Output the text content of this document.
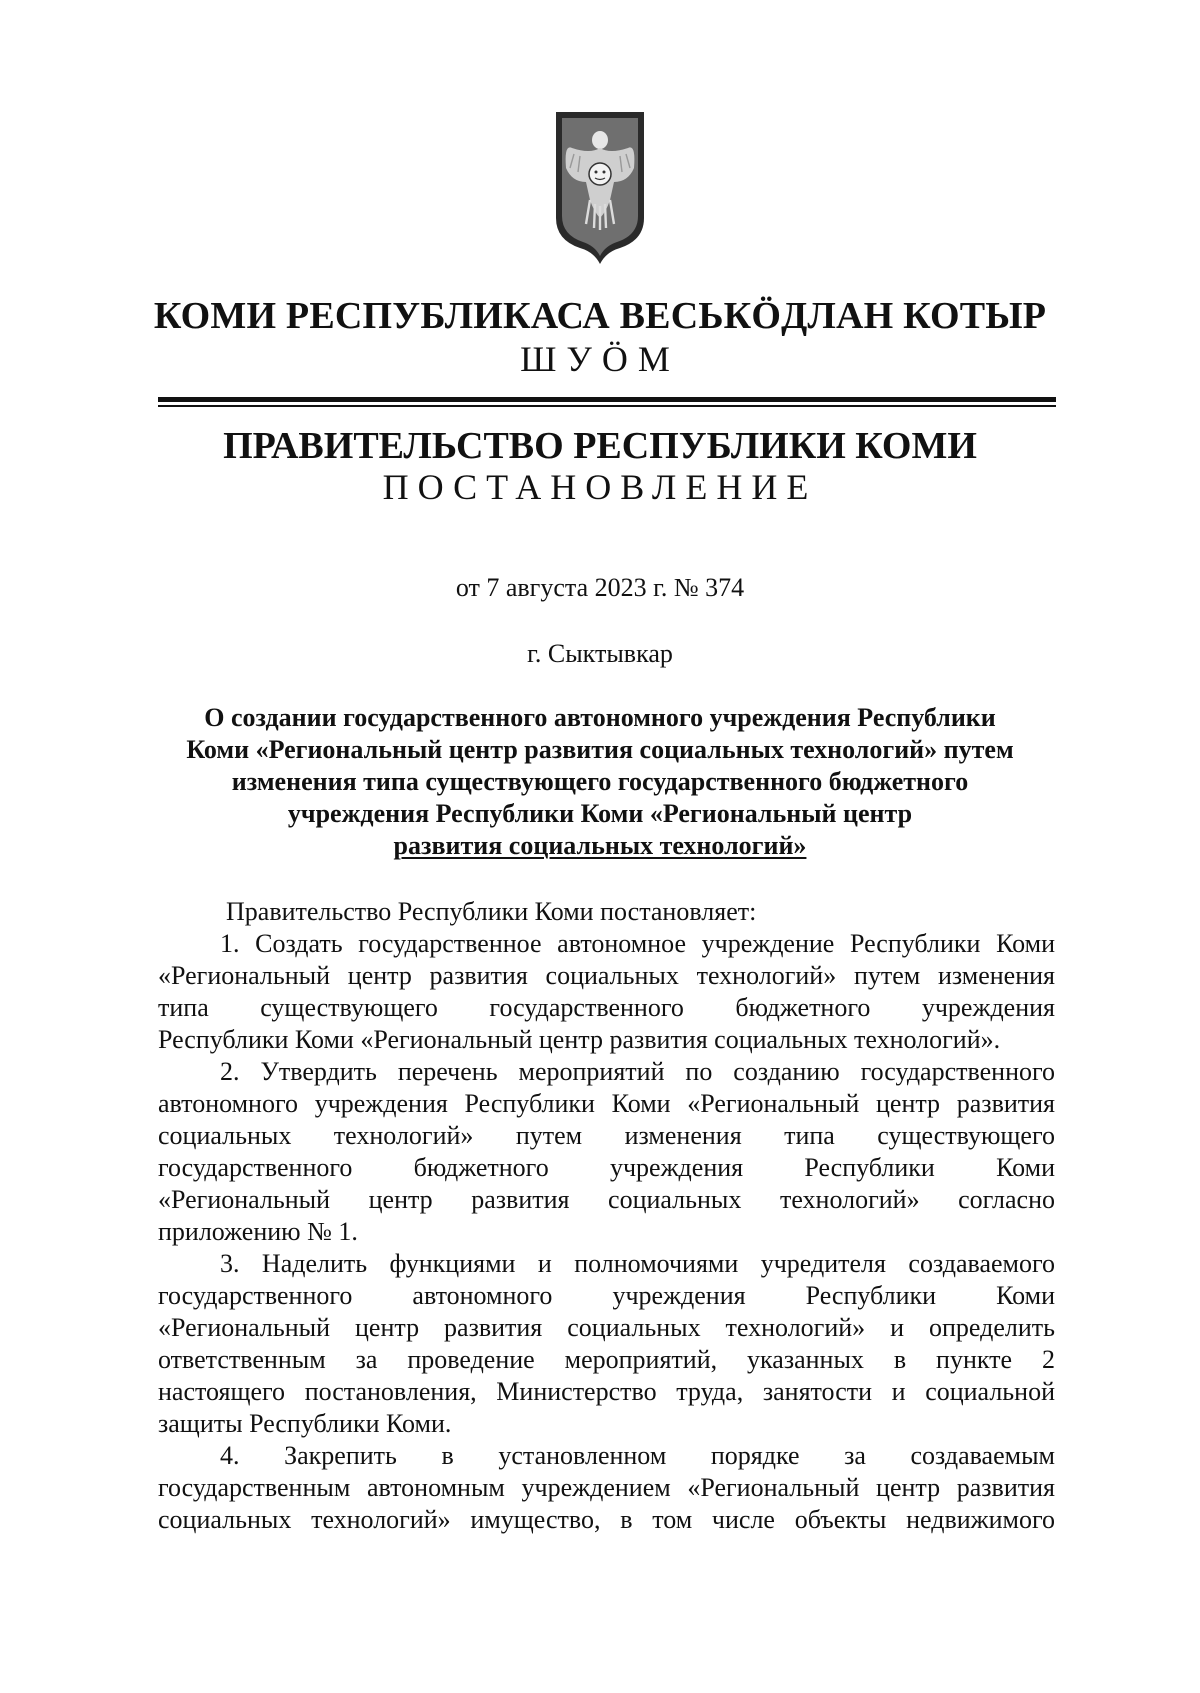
КОМИ РЕСПУБЛИКАСА ВЕСЬКӦДЛАН КОТЫР
ШУӦМ
ПРАВИТЕЛЬСТВО РЕСПУБЛИКИ КОМИ
ПОСТАНОВЛЕНИЕ
от 7 августа 2023 г. № 374
г. Сыктывкар
О создании государственного автономного учреждения Республики
Коми «Региональный центр развития социальных технологий» путем
изменения типа существующего государственного бюджетного
учреждения Республики Коми «Региональный центр
развития социальных технологий»
Правительство Республики Коми постановляет:
1. Создать государственное автономное учреждение Республики Коми
«Региональный центр развития социальных технологий» путем изменения
типа существующего государственного бюджетного учреждения
Республики Коми «Региональный центр развития социальных технологий».
2. Утвердить перечень мероприятий по созданию государственного
автономного учреждения Республики Коми «Региональный центр развития
социальных технологий» путем изменения типа существующего
государственного бюджетного учреждения Республики Коми
«Региональный центр развития социальных технологий» согласно
приложению № 1.
3. Наделить функциями и полномочиями учредителя создаваемого
государственного автономного учреждения Республики Коми
«Региональный центр развития социальных технологий» и определить
ответственным за проведение мероприятий, указанных в пункте 2
настоящего постановления, Министерство труда, занятости и социальной
защиты Республики Коми.
4. Закрепить в установленном порядке за создаваемым
государственным автономным учреждением «Региональный центр развития
социальных технологий» имущество, в том числе объекты недвижимого
